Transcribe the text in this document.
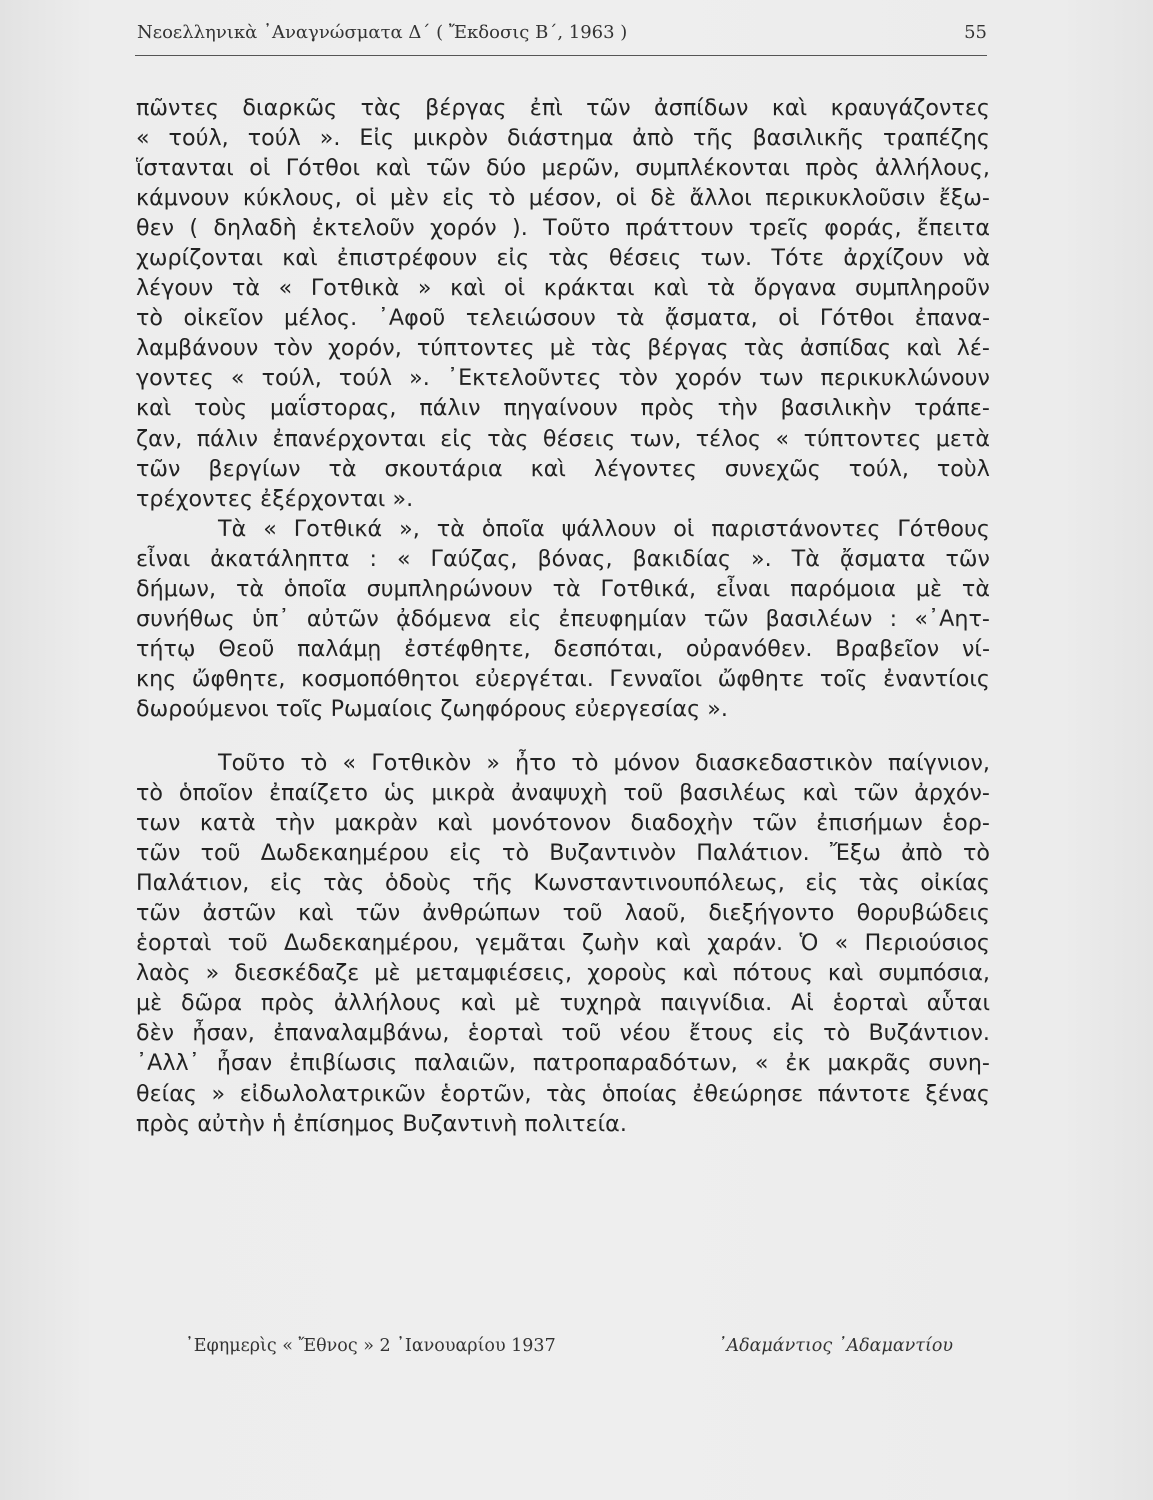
Νεοελληνικὰ ᾿Αναγνώσματα Δ΄ ( Ἔκδοσις Β΄, 1963 )	55
πῶντες διαρκῶς τὰς βέργας ἐπὶ τῶν ἀσπίδων καὶ κραυγάζοντες
« τούλ, τούλ ». Εἰς μικρὸν διάστημα ἀπὸ τῆς βασιλικῆς τραπέζης
ἵστανται οἱ Γότθοι καὶ τῶν δύο μερῶν, συμπλέκονται πρὸς ἀλλήλους,
κάμνουν κύκλους, οἱ μὲν εἰς τὸ μέσον, οἱ δὲ ἄλλοι περικυκλοῦσιν ἔξω-
θεν ( δηλαδὴ ἐκτελοῦν χορόν ). Τοῦτο πράττουν τρεῖς φοράς, ἔπειτα
χωρίζονται καὶ ἐπιστρέφουν εἰς τὰς θέσεις των. Τότε ἀρχίζουν νὰ
λέγουν τὰ « Γοτθικὰ » καὶ οἱ κράκται καὶ τὰ ὄργανα συμπληροῦν
τὸ οἰκεῖον μέλος. ᾿Αφοῦ τελειώσουν τὰ ᾄσματα, οἱ Γότθοι ἐπανα-
λαμβάνουν τὸν χορόν, τύπτοντες μὲ τὰς βέργας τὰς ἀσπίδας καὶ λέ-
γοντες « τούλ, τούλ ». ᾿Εκτελοῦντες τὸν χορόν των περικυκλώνουν
καὶ τοὺς μαΐστορας, πάλιν πηγαίνουν πρὸς τὴν βασιλικὴν τράπε-
ζαν, πάλιν ἐπανέρχονται εἰς τὰς θέσεις των, τέλος « τύπτοντες μετὰ
τῶν βεργίων τὰ σκουτάρια καὶ λέγοντες συνεχῶς τούλ, τοὺλ
τρέχοντες ἐξέρχονται ».
Τὰ « Γοτθικά », τὰ ὁποῖα ψάλλουν οἱ παριστάνοντες Γότθους
εἶναι ἀκατάληπτα : « Γαύζας, βόνας, βακιδίας ». Τὰ ᾄσματα τῶν
δήμων, τὰ ὁποῖα συμπληρώνουν τὰ Γοτθικά, εἶναι παρόμοια μὲ τὰ
συνήθως ὑπ᾿ αὐτῶν ᾀδόμενα εἰς ἐπευφημίαν τῶν βασιλέων : «᾿Αητ-
τήτῳ Θεοῦ παλάμῃ ἐστέφθητε, δεσπόται, οὐρανόθεν. Βραβεῖον νί-
κης ὤφθητε, κοσμοπόθητοι εὐεργέται. Γενναῖοι ὤφθητε τοῖς ἐναντίοις
δωρούμενοι τοῖς Ρωμαίοις ζωηφόρους εὐεργεσίας ».
Τοῦτο τὸ « Γοτθικὸν » ἦτο τὸ μόνον διασκεδαστικὸν παίγνιον,
τὸ ὁποῖον ἐπαίζετο ὡς μικρὰ ἀναψυχὴ τοῦ βασιλέως καὶ τῶν ἀρχόν-
των κατὰ τὴν μακρὰν καὶ μονότονον διαδοχὴν τῶν ἐπισήμων ἑορ-
τῶν τοῦ Δωδεκαημέρου εἰς τὸ Βυζαντινὸν Παλάτιον. Ἔξω ἀπὸ τὸ
Παλάτιον, εἰς τὰς ὁδοὺς τῆς Κωνσταντινουπόλεως, εἰς τὰς οἰκίας
τῶν ἀστῶν καὶ τῶν ἀνθρώπων τοῦ λαοῦ, διεξήγοντο θορυβώδεις
ἑορταὶ τοῦ Δωδεκαημέρου, γεμᾶται ζωὴν καὶ χαράν. Ὁ « Περιούσιος
λαὸς » διεσκέδαζε μὲ μεταμφιέσεις, χοροὺς καὶ πότους καὶ συμπόσια,
μὲ δῶρα πρὸς ἀλλήλους καὶ μὲ τυχηρὰ παιγνίδια. Αἱ ἑορταὶ αὗται
δὲν ἦσαν, ἐπαναλαμβάνω, ἑορταὶ τοῦ νέου ἔτους εἰς τὸ Βυζάντιον.
᾿Αλλ᾿ ἦσαν ἐπιβίωσις παλαιῶν, πατροπαραδότων, « ἐκ μακρᾶς συνη-
θείας » εἰδωλολατρικῶν ἑορτῶν, τὰς ὁποίας ἐθεώρησε πάντοτε ξένας
πρὸς αὐτὴν ἡ ἐπίσημος Βυζαντινὴ πολιτεία.
᾿Εφημερὶς « Ἔθνος » 2 ᾿Ιανουαρίου 1937	᾿Αδαμάντιος ᾿Αδαμαντίου
